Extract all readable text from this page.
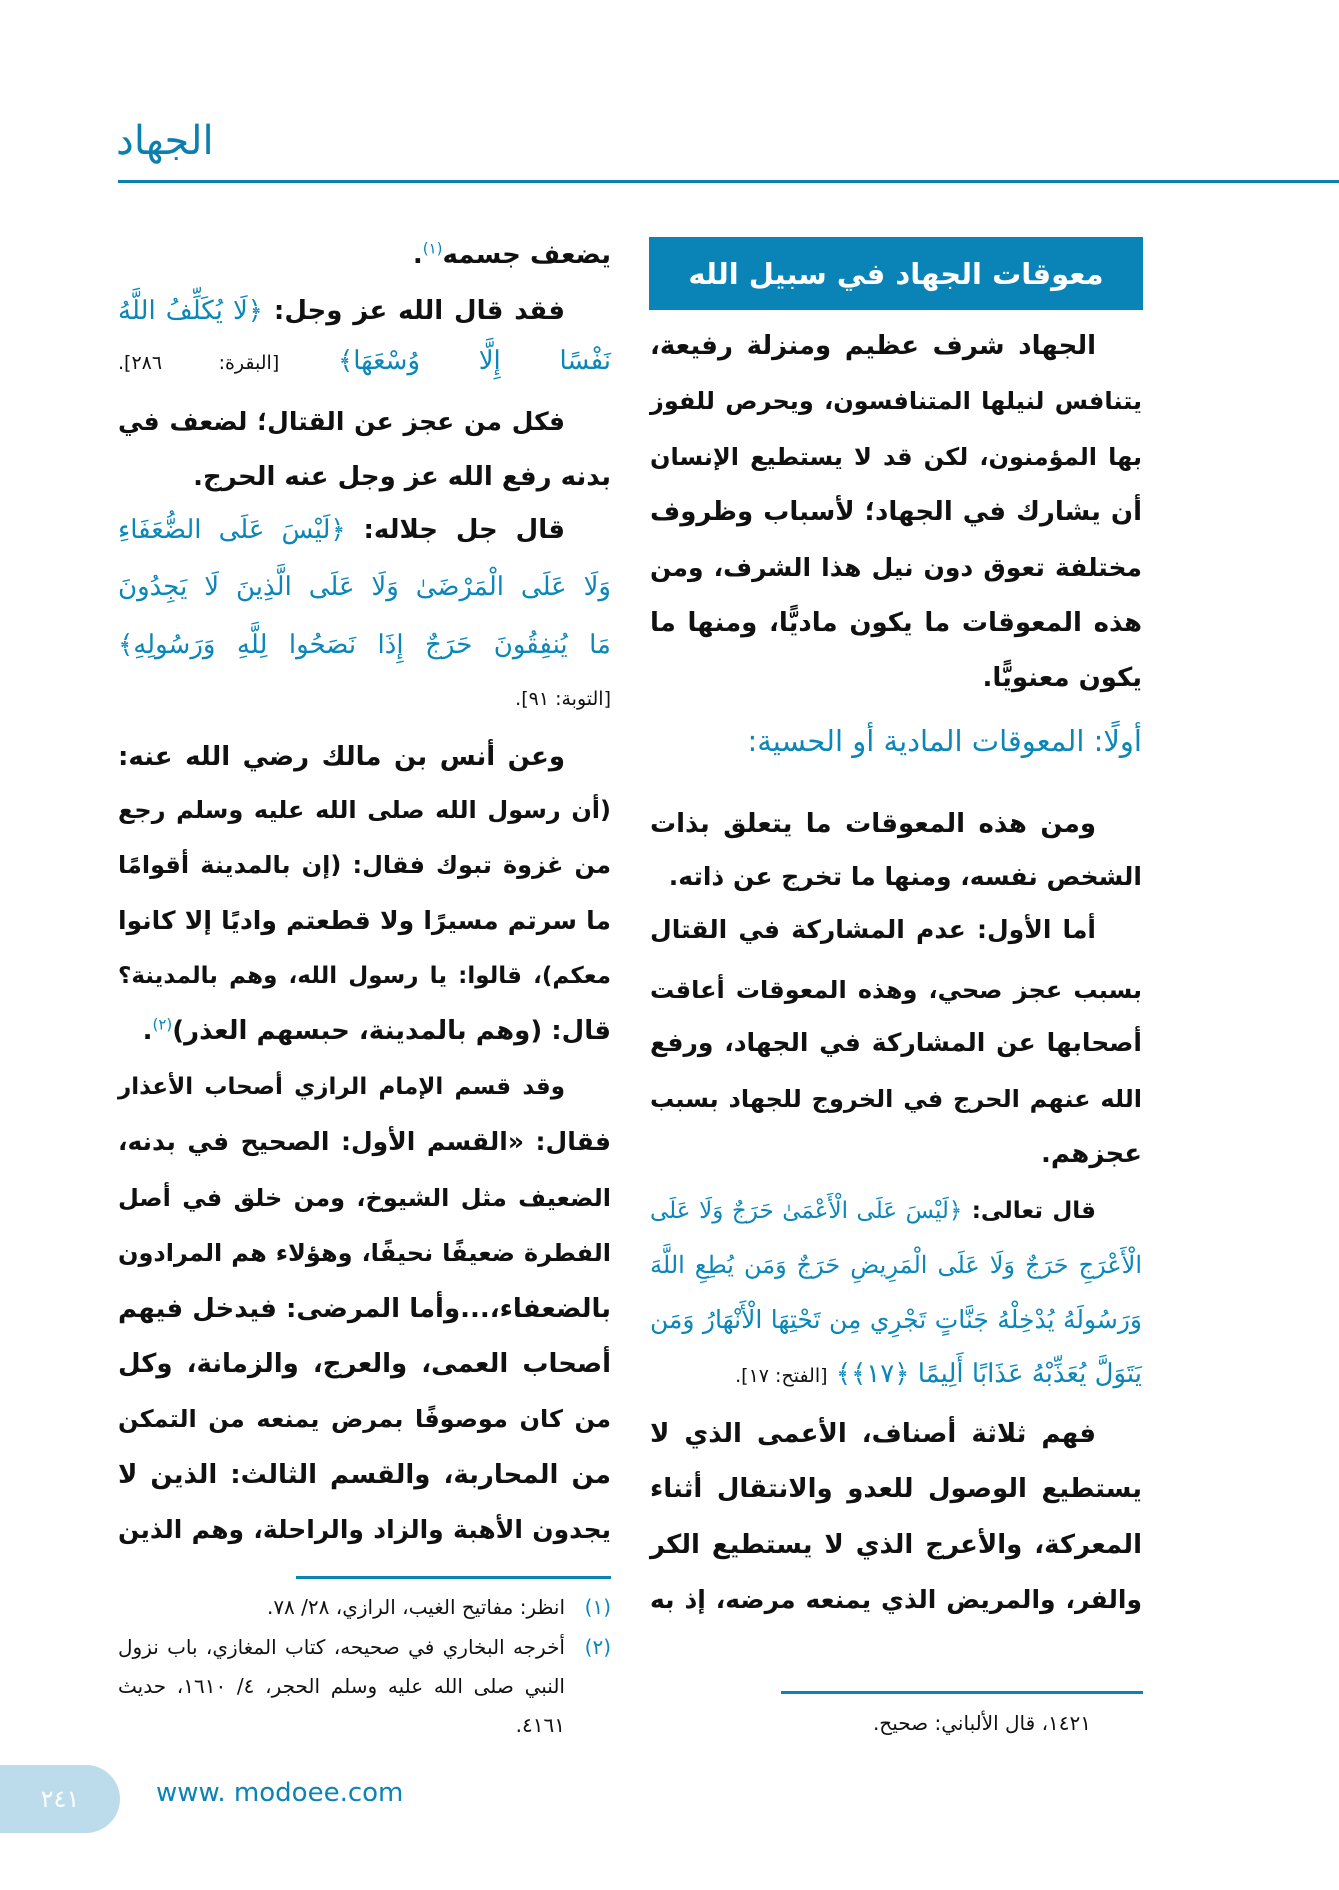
الجهاد
معوقات الجهاد في سبيل الله
أولًا: المعوقات المادية أو الحسية:
الجهاد شرف عظيم ومنزلة رفيعة،
يتنافس لنيلها المتنافسون، ويحرص للفوز
بها المؤمنون، لكن قد لا يستطيع الإنسان
أن يشارك في الجهاد؛ لأسباب وظروف
مختلفة تعوق دون نيل هذا الشرف، ومن
هذه المعوقات ما يكون ماديًّا، ومنها ما
يكون معنويًّا.
ومن هذه المعوقات ما يتعلق بذات
الشخص نفسه، ومنها ما تخرج عن ذاته.
أما الأول: عدم المشاركة في القتال
بسبب عجز صحي، وهذه المعوقات أعاقت
أصحابها عن المشاركة في الجهاد، ورفع
الله عنهم الحرج في الخروج للجهاد بسبب
عجزهم.
قال تعالى: ﴿لَيْسَ عَلَى الْأَعْمَىٰ حَرَجٌ وَلَا عَلَى
الْأَعْرَجِ حَرَجٌ وَلَا عَلَى الْمَرِيضِ حَرَجٌ وَمَن يُطِعِ اللَّهَ
وَرَسُولَهُ يُدْخِلْهُ جَنَّاتٍ تَجْرِي مِن تَحْتِهَا الْأَنْهَارُ وَمَن
يَتَوَلَّ يُعَذِّبْهُ عَذَابًا أَلِيمًا ﴿١٧﴾﴾ [الفتح: ١٧].
فهم ثلاثة أصناف، الأعمى الذي لا
يستطيع الوصول للعدو والانتقال أثناء
المعركة، والأعرج الذي لا يستطيع الكر
والفر، والمريض الذي يمنعه مرضه، إذ به
يضعف جسمه$^{(١)}$.
فقد قال الله عز وجل: ﴿لَا يُكَلِّفُ اللَّهُ
نَفْسًا إِلَّا وُسْعَهَا﴾ [البقرة: ٢٨٦].
فكل من عجز عن القتال؛ لضعف في
بدنه رفع الله عز وجل عنه الحرج.
قال جل جلاله: ﴿لَيْسَ عَلَى الضُّعَفَاءِ
وَلَا عَلَى الْمَرْضَىٰ وَلَا عَلَى الَّذِينَ لَا يَجِدُونَ
مَا يُنفِقُونَ حَرَجٌ إِذَا نَصَحُوا لِلَّهِ وَرَسُولِهِ﴾
[التوبة: ٩١].
وعن أنس بن مالك رضي الله عنه:
(أن رسول الله صلى الله عليه وسلم رجع
من غزوة تبوك فقال: (إن بالمدينة أقوامًا
ما سرتم مسيرًا ولا قطعتم واديًا إلا كانوا
معكم)، قالوا: يا رسول الله، وهم بالمدينة؟
قال: (وهم بالمدينة، حبسهم العذر)$^{(٢)}$.
وقد قسم الإمام الرازي أصحاب الأعذار
فقال: «القسم الأول: الصحيح في بدنه،
الضعيف مثل الشيوخ، ومن خلق في أصل
الفطرة ضعيفًا نحيفًا، وهؤلاء هم المرادون
بالضعفاء،...وأما المرضى: فيدخل فيهم
أصحاب العمى، والعرج، والزمانة، وكل
من كان موصوفًا بمرض يمنعه من التمكن
من المحاربة، والقسم الثالث: الذين لا
يجدون الأهبة والزاد والراحلة، وهم الذين
١٤٢١، قال الألباني: صحيح.
(١)انظر: مفاتيح الغيب، الرازي، ٢٨/ ٧٨.
(٢)
أخرجه البخاري في صحيحه، كتاب المغازي، باب نزول النبي صلى الله عليه وسلم الحجر، ٤/ ١٦١٠، حديث ٤١٦١.
٢٤١	www. modoee.com
